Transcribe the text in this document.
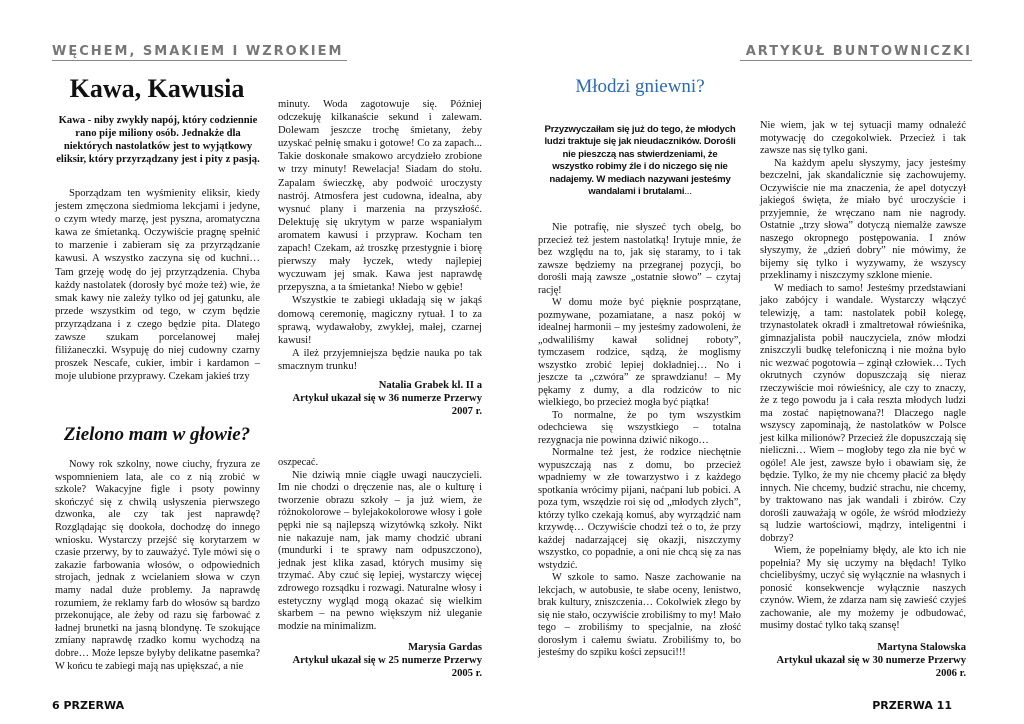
WĘCHEM, SMAKIEM I WZROKIEM	ARTYKUŁ BUNTOWNICZKI
Kawa, Kawusia
Kawa - niby zwykły napój, który codziennie rano pije miliony osób. Jednakże dla niektórych nastolatków jest to wyjątkowy eliksir, który przyrządzany jest i pity z pasją.

Sporządzam ten wyśmienity eliksir, kiedy jestem zmęczona siedmioma lekcjami i jedyne, o czym wtedy marzę, jest pyszna, aromatyczna kawa ze śmietanką. Oczywiście pragnę spełnić to marzenie i zabieram się za przyrządzanie kawusi. A wszystko zaczyna się od kuchni… Tam grzeję wodę do jej przyrządzenia. Chyba każdy nastolatek (dorosły być może też) wie, że smak kawy nie zależy tylko od jej gatunku, ale przede wszystkim od tego, w czym będzie przyrządzana i z czego będzie pita. Dlatego zawsze szukam porcelanowej małej filiżaneczki. Wsypuję do niej cudowny czarny proszek Nescafe, cukier, imbir i kardamon – moje ulubione przyprawy. Czekam jakieś trzy

minuty. Woda zagotowuje się. Później odczekuję kilkanaście sekund i zalewam. Dolewam jeszcze trochę śmietany, żeby uzyskać pełnię smaku i gotowe! Co za zapach... Takie doskonałe smakowo arcydzieło zrobione w trzy minuty! Rewelacja! Siadam do stołu. Zapalam świeczkę, aby podwoić uroczysty nastrój. Atmosfera jest cudowna, idealna, aby wysnuć plany i marzenia na przyszłość. Delektuję się ukrytym w parze wspaniałym aromatem kawusi i przypraw. Kocham ten zapach! Czekam, aż troszkę przestygnie i biorę pierwszy mały łyczek, wtedy najlepiej wyczuwam jej smak. Kawa jest naprawdę przepyszna, a ta śmietanka! Niebo w gębie!

Wszystkie te zabiegi układają się w jakąś domową ceremonię, magiczny rytuał. I to za sprawą, wydawałoby, zwykłej, małej, czarnej kawusi!

A ileż przyjemniejsza będzie nauka po tak smacznym trunku!

Natalia Grabek kl. II a
Artykuł ukazał się w 36 numerze Przerwy 2007 r.
Zielono mam w głowie?

Nowy rok szkolny, nowe ciuchy, fryzura ze wspomnieniem lata, ale co z nią zrobić w szkole? Wakacyjne figle i psoty powinny skończyć się z chwilą usłyszenia pierwszego dzwonka, ale czy tak jest naprawdę? Rozglądając się dookoła, dochodzę do innego wniosku. Wystarczy przejść się korytarzem w czasie przerwy, by to zauważyć. Tyle mówi się o zakazie farbowania włosów, o odpowiednich strojach, jednak z wcielaniem słowa w czyn mamy nadal duże problemy. Ja naprawdę rozumiem, że reklamy farb do włosów są bardzo przekonujące, ale żeby od razu się farbować z ładnej brunetki na jasną blondynę. Te szokujące zmiany naprawdę rzadko komu wychodzą na dobre… Może lepsze byłyby delikatne pasemka? W końcu te zabiegi mają nas upiększać, a nie

oszpecać.

Nie dziwią mnie ciągłe uwagi nauczycieli. Im nie chodzi o dręczenie nas, ale o kulturę i tworzenie obrazu szkoły – ja już wiem, że różnokolorowe – bylejakokolorowe włosy i gołe pępki nie są najlepszą wizytówką szkoły. Nikt nie nakazuje nam, jak mamy chodzić ubrani (mundurki i te sprawy nam odpuszczono), jednak jest klika zasad, których musimy się trzymać. Aby czuć się lepiej, wystarczy więcej zdrowego rozsądku i rozwagi. Naturalne włosy i estetyczny wygląd mogą okazać się wielkim skarbem – na pewno większym niż uleganie modzie na minimalizm.

Marysia Gardas
Artykuł ukazał się w 25 numerze Przerwy 2005 r.
Młodzi gniewni?
Przyzwyczaiłam się już do tego, że młodych ludzi traktuje się jak nieudaczników. Dorośli nie pieszczą nas stwierdzeniami, że wszystko robimy źle i do niczego się nie nadajemy. W mediach nazywani jesteśmy wandalami i brutalami...

Nie potrafię, nie słyszeć tych obelg, bo przecież też jestem nastolatką! Irytuje mnie, że bez względu na to, jak się staramy, to i tak zawsze będziemy na przegranej pozycji, bo dorośli mają zawsze „ostatnie słowo” – czytaj rację!

W domu może być pięknie posprzątane, pozmywane, pozamiatane, a nasz pokój w idealnej harmonii – my jesteśmy zadowoleni, że „odwaliliśmy kawał solidnej roboty”, tymczasem rodzice, sądzą, że moglismy wszystko zrobić lepiej dokładniej… No i jeszcze ta „czwóra” ze sprawdzianu! – My pękamy z dumy, a dla rodziców to nic wielkiego, bo przecież mogła być piątka!

To normalne, że po tym wszystkim odechciewa się wszystkiego – totalna rezygnacja nie powinna dziwić nikogo…

Normalne też jest, że rodzice niechętnie wypuszczają nas z domu, bo przecież wpadniemy w złe towarzystwo i z każdego spotkania wrócimy pijani, naćpani lub pobici. A poza tym, wszędzie roi się od „młodych złych”, którzy tylko czekają komuś, aby wyrządzić nam krzywdę… Oczywiście chodzi też o to, że przy każdej nadarzającej się okazji, niszczymy wszystko, co popadnie, a oni nie chcą się za nas wstydzić.

W szkole to samo. Nasze zachowanie na lekcjach, w autobusie, te słabe oceny, lenistwo, brak kultury, zniszczenia… Cokolwiek złego by się nie stało, oczywiście zrobiliśmy to my! Mało tego – zrobiliśmy to specjalnie, na złość dorosłym i całemu światu. Zrobiliśmy to, bo jesteśmy do szpiku kości zepsuci!!!

Nie wiem, jak w tej sytuacji mamy odnaleźć motywację do czegokolwiek. Przecież i tak zawsze nas się tylko gani.

Na każdym apelu słyszymy, jacy jesteśmy bezczelni, jak skandalicznie się zachowujemy. Oczywiście nie ma znaczenia, że apel dotyczył jakiegoś święta, że miało być uroczyście i przyjemnie, że wręczano nam nie nagrody. Ostatnie „trzy słowa” dotyczą niemalże zawsze naszego okropnego postępowania. I znów słyszymy, że „dzień dobry” nie mówimy, że bijemy się tylko i wyzywamy, że wszyscy przeklinamy i niszczymy szklone mienie.

W mediach to samo! Jesteśmy przedstawiani jako zabójcy i wandale. Wystarczy włączyć telewizję, a tam: nastolatek pobił kolegę, trzynastolatek okradł i zmaltretował rówieśnika, gimnazjalista pobił nauczyciela, znów młodzi zniszczyli budkę telefoniczną i nie można było nic wezwać pogotowia – zginął człowiek… Tych okrutnych czynów dopuszczają się nieraz rzeczywiście moi rówieśnicy, ale czy to znaczy, że z tego powodu ja i cała reszta młodych ludzi ma zostać napiętnowana?! Dlaczego nagle wszyscy zapominają, że nastolatków w Polsce jest kilka milionów? Przecież źle dopuszczają się nieliczni… Wiem – mogłoby tego zła nie być w ogóle! Ale jest, zawsze było i obawiam się, że będzie. Tylko, że my nie chcemy płacić za błędy innych. Nie chcemy, budzić strachu, nie chcemy, by traktowano nas jak wandali i zbirów. Czy dorośli zauważają w ogóle, że wśród młodzieży są ludzie wartościowi, mądrzy, inteligentni i dobrzy?

Wiem, że popełniamy błędy, ale kto ich nie popełnia? My się uczymy na błędach! Tylko chcielibyśmy, uczyć się wyłącznie na własnych i ponosić konsekwencje wyłącznie naszych czynów. Wiem, że zdarza nam się zawieść czyjeś zachowanie, ale my możemy je odbudować, musimy dostać tylko taką szansę!

Martyna Stalowska
Artykuł ukazał się w 30 numerze Przerwy 2006 r.
6 PRZERWA	PRZERWA 11
